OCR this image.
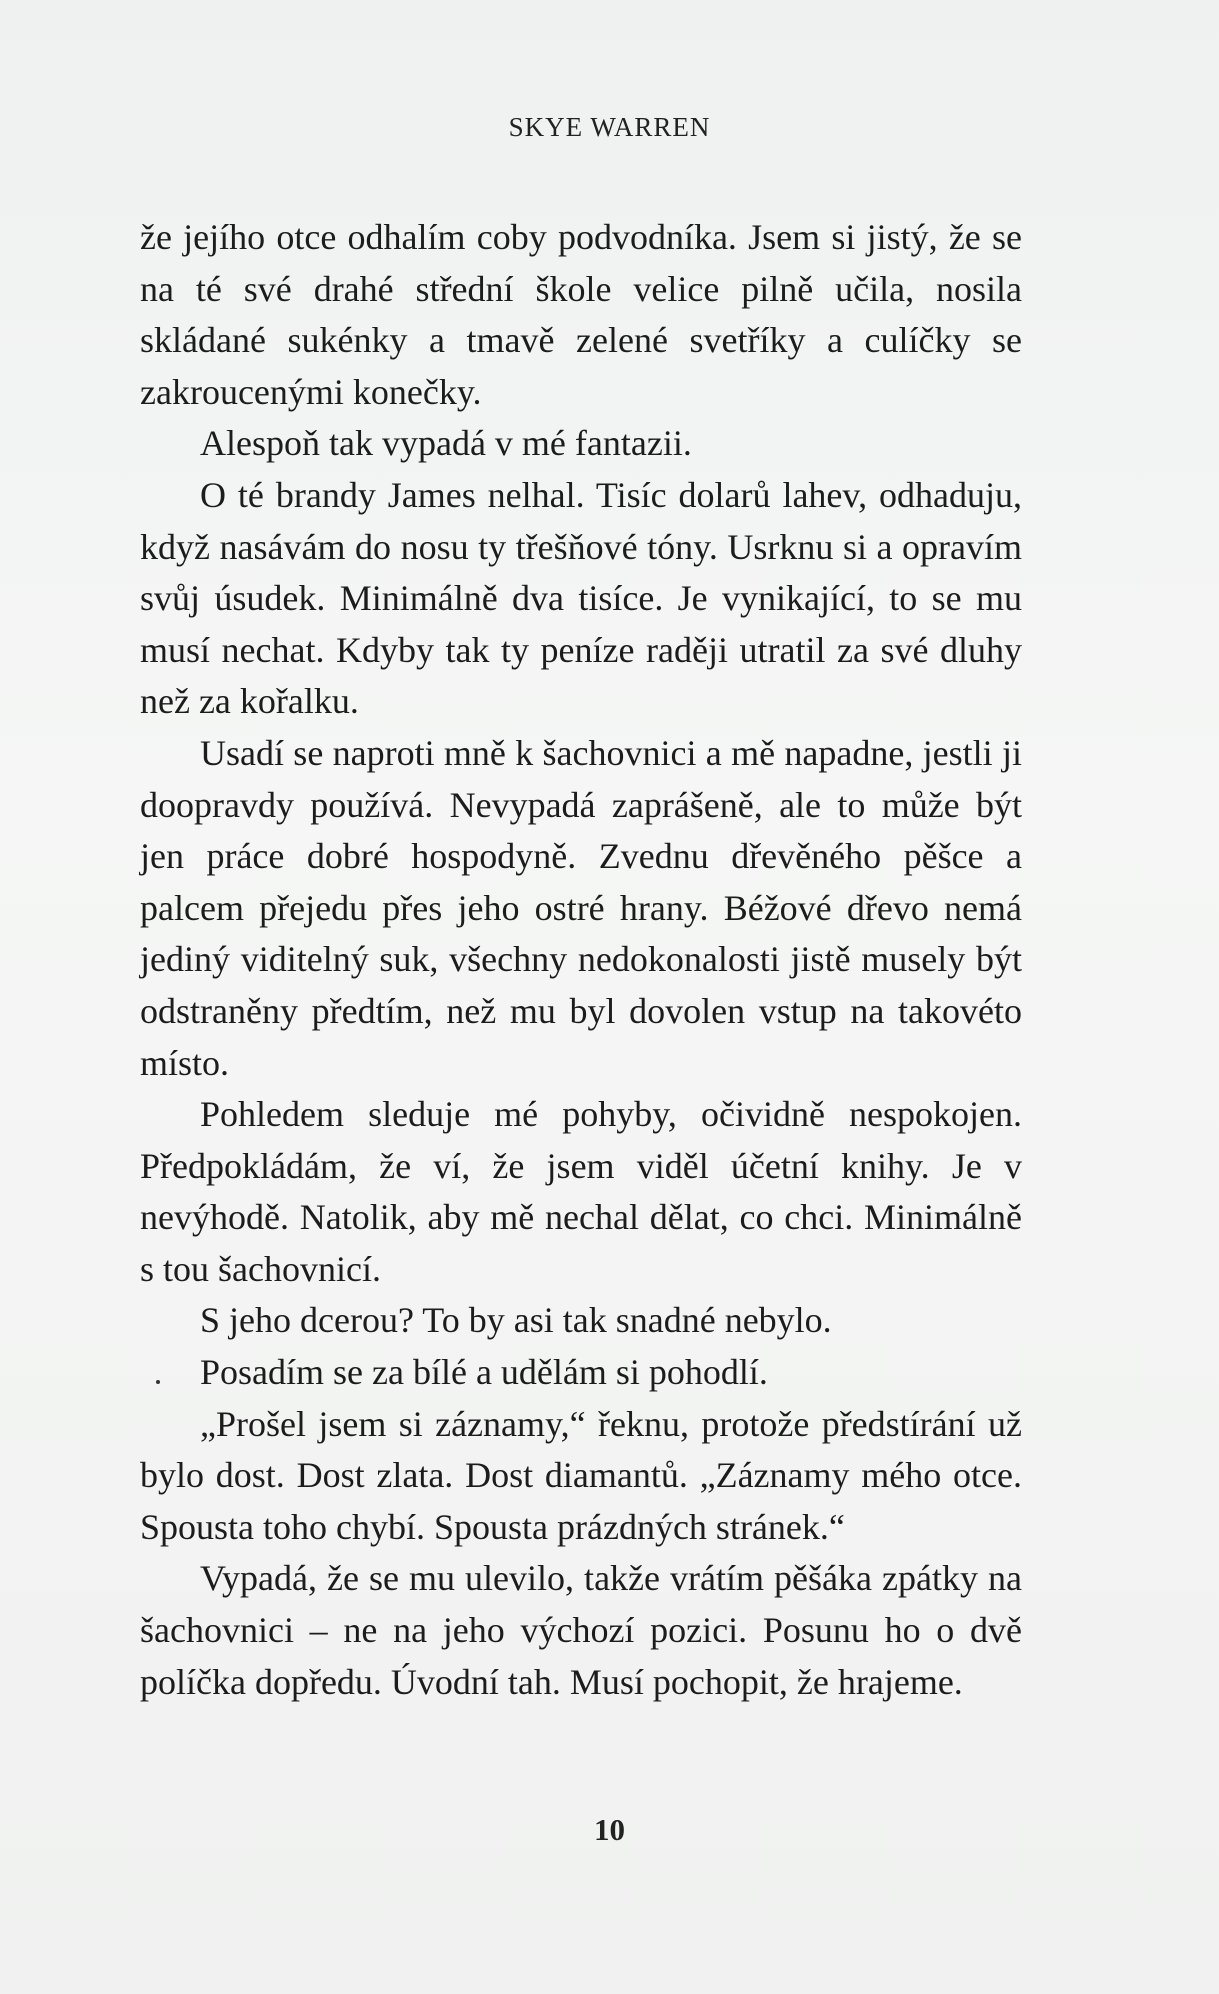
SKYE WARREN

že jejího otce odhalím coby podvodníka. Jsem si jistý, že se na té své drahé střední škole velice pilně učila, nosila skládané sukénky a tmavě zelené svetříky a culíčky se zakroucenými konečky.

Alespoň tak vypadá v mé fantazii.

O té brandy James nelhal. Tisíc dolarů lahev, odhaduju, když nasávám do nosu ty třešňové tóny. Usrknu si a opravím svůj úsudek. Minimálně dva tisíce. Je vynikající, to se mu musí nechat. Kdyby tak ty peníze raději utratil za své dluhy než za kořalku.

Usadí se naproti mně k šachovnici a mě napadne, jestli ji doopravdy používá. Nevypadá zaprášeně, ale to může být jen práce dobré hospodyně. Zvednu dřevěného pěšce a palcem přejedu přes jeho ostré hrany. Béžové dřevo nemá jediný viditelný suk, všechny nedokonalosti jistě musely být odstraněny předtím, než mu byl dovolen vstup na takovéto místo.

Pohledem sleduje mé pohyby, očividně nespokojen. Předpokládám, že ví, že jsem viděl účetní knihy. Je v nevýhodě. Natolik, aby mě nechal dělat, co chci. Minimálně s tou šachovnicí.

S jeho dcerou? To by asi tak snadné nebylo.

Posadím se za bílé a udělám si pohodlí.

„Prošel jsem si záznamy,“ řeknu, protože předstírání už bylo dost. Dost zlata. Dost diamantů. „Záznamy mého otce. Spousta toho chybí. Spousta prázdných stránek.“

Vypadá, že se mu ulevilo, takže vrátím pěšáka zpátky na šachovnici – ne na jeho výchozí pozici. Posunu ho o dvě políčka dopředu. Úvodní tah. Musí pochopit, že hrajeme.

10
